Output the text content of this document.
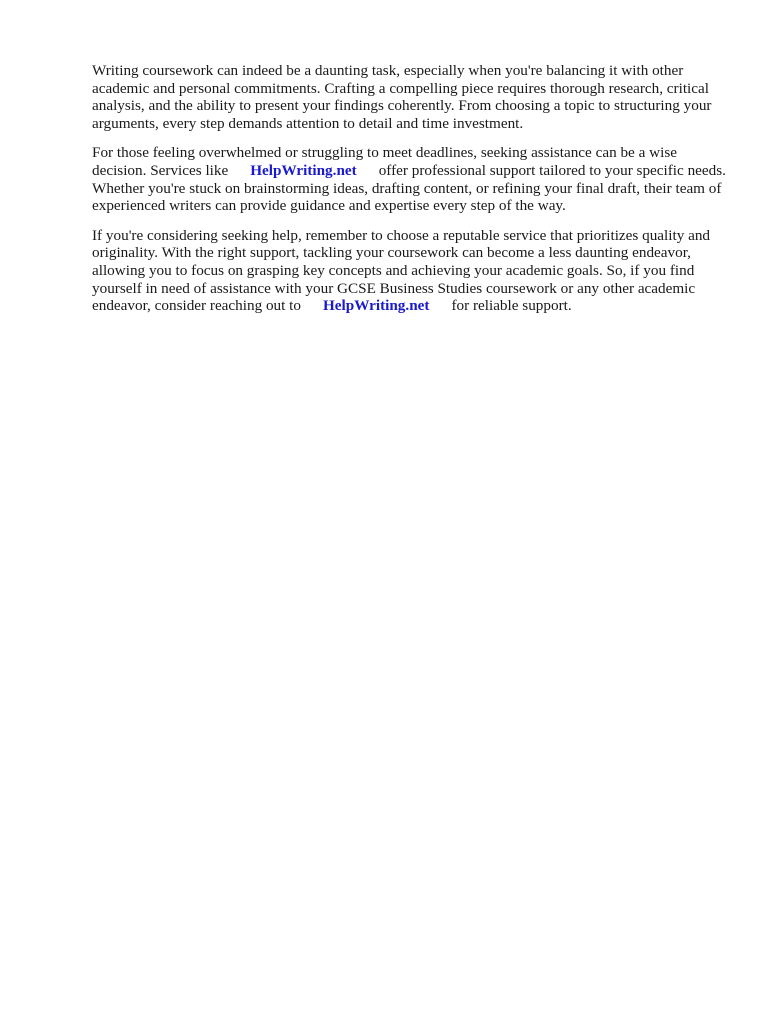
Writing coursework can indeed be a daunting task, especially when you're balancing it with other academic and personal commitments. Crafting a compelling piece requires thorough research, critical analysis, and the ability to present your findings coherently. From choosing a topic to structuring your arguments, every step demands attention to detail and time investment.

For those feeling overwhelmed or struggling to meet deadlines, seeking assistance can be a wise decision. Services like HelpWriting.net offer professional support tailored to your specific needs. Whether you're stuck on brainstorming ideas, drafting content, or refining your final draft, their team of experienced writers can provide guidance and expertise every step of the way.

If you're considering seeking help, remember to choose a reputable service that prioritizes quality and originality. With the right support, tackling your coursework can become a less daunting endeavor, allowing you to focus on grasping key concepts and achieving your academic goals. So, if you find yourself in need of assistance with your GCSE Business Studies coursework or any other academic endeavor, consider reaching out to HelpWriting.net for reliable support.
